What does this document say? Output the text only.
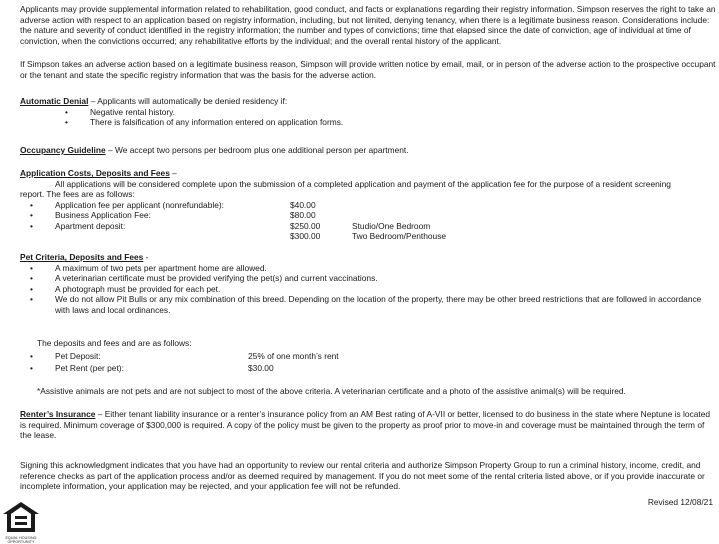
Applicants may provide supplemental information related to rehabilitation, good conduct, and facts or explanations regarding their registry information. Simpson reserves the right to take an adverse action with respect to an application based on registry information, including, but not limited, denying tenancy, when there is a legitimate business reason. Considerations include: the nature and severity of conduct identified in the registry information; the number and types of convictions; time that elapsed since the date of conviction, age of individual at time of conviction, when the convictions occurred; any rehabilitative efforts by the individual; and the overall rental history of the applicant.

If Simpson takes an adverse action based on a legitimate business reason, Simpson will provide written notice by email, mail, or in person of the adverse action to the prospective occupant or the tenant and state the specific registry information that was the basis for the adverse action.

Automatic Denial – Applicants will automatically be denied residency if:
• Negative rental history.
• There is falsification of any information entered on application forms.
Occupancy Guideline – We accept two persons per bedroom plus one additional person per apartment.
Application Costs, Deposits and Fees –
All applications will be considered complete upon the submission of a completed application and payment of the application fee for the purpose of a resident screening
report. The fees are as follows:
• Application fee per applicant (nonrefundable):	$40.00
• Business Application Fee:	$80.00
• Apartment deposit:	$250.00	Studio/One Bedroom
$300.00	Two Bedroom/Penthouse
Pet Criteria, Deposits and Fees -
• A maximum of two pets per apartment home are allowed.
• A veterinarian certificate must be provided verifying the pet(s) and current vaccinations.
• A photograph must be provided for each pet.
• We do not allow Pit Bulls or any mix combination of this breed. Depending on the location of the property, there may be other breed restrictions that are followed in accordance with laws and local ordinances.
The deposits and fees and are as follows:
• Pet Deposit:	25% of one month’s rent
• Pet Rent (per pet):	$30.00
*Assistive animals are not pets and are not subject to most of the above criteria. A veterinarian certificate and a photo of the assistive animal(s) will be required.
Renter’s Insurance – Either tenant liability insurance or a renter’s insurance policy from an AM Best rating of A-VII or better, licensed to do business in the state where Neptune is located is required. Minimum coverage of $300,000 is required. A copy of the policy must be given to the property as proof prior to move-in and coverage must be maintained through the term of the lease.

Signing this acknowledgment indicates that you have had an opportunity to review our rental criteria and authorize Simpson Property Group to run a criminal history, income, credit, and reference checks as part of the application process and/or as deemed required by management. If you do not meet some of the rental criteria listed above, or if you provide inaccurate or incomplete information, your application may be rejected, and your application fee will not be refunded.

Revised 12/08/21
EQUAL HOUSING OPPORTUNITY
